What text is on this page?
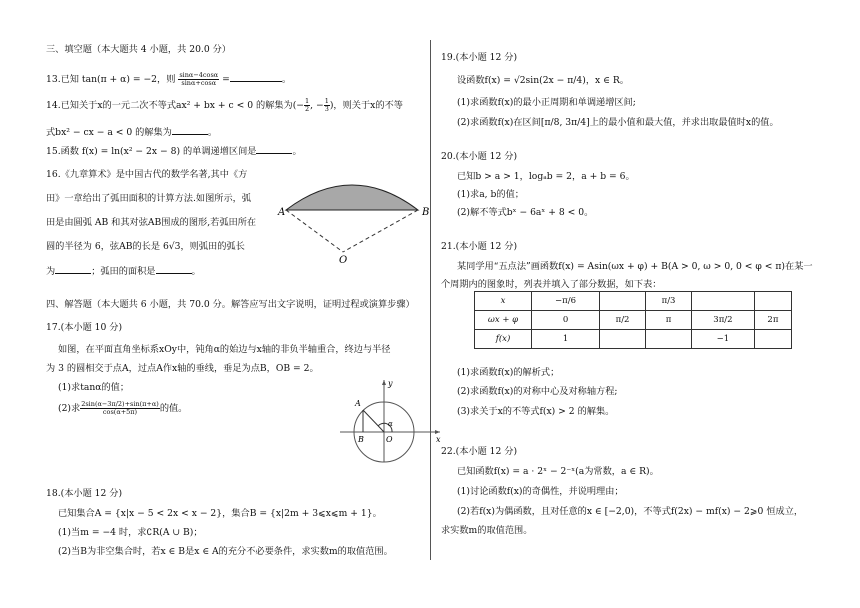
三、填空题（本大题共 4 小题，共 20.0 分）
13.已知 tan(π + α) = −2，则 $\frac{\sin\alpha-4\cos\alpha}{\sin\alpha+\cos\alpha}$ =	。
14.已知关于x的一元二次不等式ax² + bx + c < 0 的解集为(− $\frac{1}{2}$ , − $\frac{1}{3}$ )，则关于x的不等
式bx² − cx − a < 0 的解集为	。
15.函数 f(x) = ln(x² − 2x − 8) 的单调递增区间是	。
16.《九章算术》是中国古代的数学名著,其中《方
田》一章给出了弧田面积的计算方法.如图所示，弧
田是由圆弧 AB 和其对弦AB围成的图形,若弧田所在
圆的半径为 6，弦AB的长是 6√3，则弧田的弧长
为	；弧田的面积是	。
A	B
O
四、解答题（本大题共 6 小题，共 70.0 分。解答应写出文字说明，证明过程或演算步骤）
17.(本小题 10 分)
如图，在平面直角坐标系xOy中，钝角α的始边与x轴的非负半轴重合，终边与半径
为 3 的圆相交于点A，过点A作x轴的垂线，垂足为点B，OB = 2。
(1)求tanα的值；
(2)求 $\frac{2\sin(\alpha-3\pi/2)+\sin(\pi+\alpha)}{\cos(\alpha+5\pi)}$ 的值。	A
B	O	x
y
α
18.(本小题 12 分)
已知集合A = {x|x − 5 < 2x < x − 2}，集合B = {x|2m + 3⩽x⩽m + 1}。
(1)当m = −4 时，求∁R(A ∪ B)；
(2)当B为非空集合时，若x ∈ B是x ∈ A的充分不必要条件，求实数m的取值范围。
19.(本小题 12 分)
设函数f(x) = √2sin(2x − π/4)，x ∈ R。
(1)求函数f(x)的最小正周期和单调递增区间;
(2)求函数f(x)在区间[π/8, 3π/4]上的最小值和最大值，并求出取最值时x的值。
20.(本小题 12 分)
已知b > a > 1，logₐb = 2，a + b = 6。
(1)求a, b的值；
(2)解不等式bˣ − 6aˣ + 8 < 0。
21.(本小题 12 分)
某同学用“五点法”画函数f(x) = Asin(ωx + φ) + B(A > 0, ω > 0, 0 < φ < π)在某一
个周期内的图象时，列表并填入了部分数据，如下表：
x	−π/6		π/3		
ωx + φ	0	π/2	π	3π/2	2π
f(x)	1			−1	
(1)求函数f(x)的解析式；
(2)求函数f(x)的对称中心及对称轴方程;
(3)求关于x的不等式f(x) > 2 的解集。
22.(本小题 12 分)
已知函数f(x) = a · 2ˣ − 2⁻ˣ(a为常数，a ∈ R)。
(1)讨论函数f(x)的奇偶性，并说明理由；
(2)若f(x)为偶函数，且对任意的x ∈ [−2,0)，不等式f(2x) − mf(x) − 2⩾0 恒成立，
求实数m的取值范围。
